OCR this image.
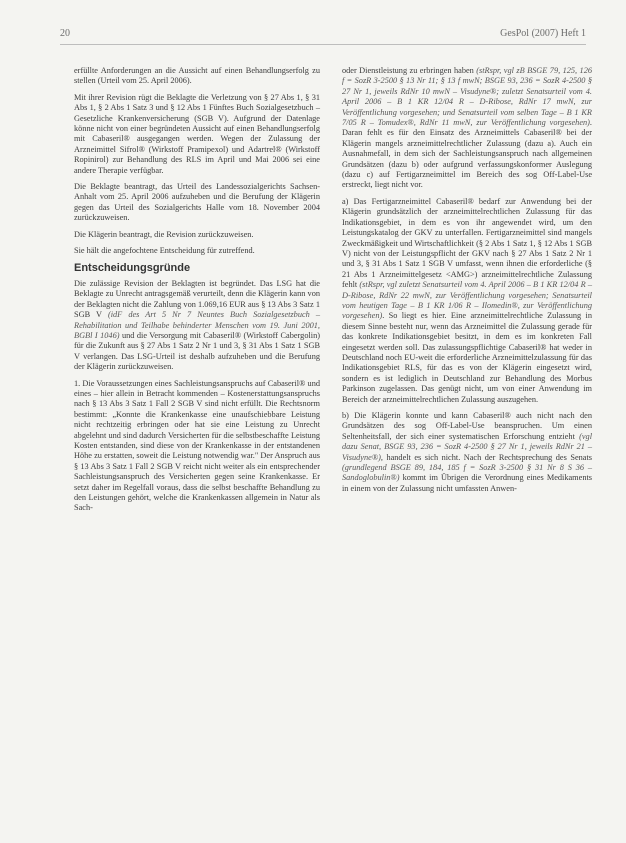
20	GesPol (2007) Heft 1

erfüllte Anforderungen an die Aussicht auf einen Behandlungserfolg zu stellen (Urteil vom 25. April 2006).

Mit ihrer Revision rügt die Beklagte die Verletzung von § 27 Abs 1, § 31 Abs 1, § 2 Abs 1 Satz 3 und § 12 Abs 1 Fünftes Buch Sozialgesetzbuch – Gesetzliche Krankenversicherung (SGB V). Aufgrund der Datenlage könne nicht von einer begründeten Aussicht auf einen Behandlungserfolg mit Cabaseril® ausgegangen werden. Wegen der Zulassung der Arzneimittel Sifrol® (Wirkstoff Pramipexol) und Adartrel® (Wirkstoff Ropinirol) zur Behandlung des RLS im April und Mai 2006 sei eine andere Therapie verfügbar.

Die Beklagte beantragt, das Urteil des Landessozialgerichts Sachsen-Anhalt vom 25. April 2006 aufzuheben und die Berufung der Klägerin gegen das Urteil des Sozialgerichts Halle vom 18. November 2004 zurückzuweisen.

Die Klägerin beantragt, die Revision zurückzuweisen.

Sie hält die angefochtene Entscheidung für zutreffend.

Entscheidungsgründe

Die zulässige Revision der Beklagten ist begründet. Das LSG hat die Beklagte zu Unrecht antragsgemäß verurteilt, denn die Klägerin kann von der Beklagten nicht die Zahlung von 1.069,16 EUR aus § 13 Abs 3 Satz 1 SGB V (idF des Art 5 Nr 7 Neuntes Buch Sozialgesetzbuch – Rehabilitation und Teilhabe behinderter Menschen vom 19. Juni 2001, BGBl I 1046) und die Versorgung mit Cabaseril® (Wirkstoff Cabergolin) für die Zukunft aus § 27 Abs 1 Satz 2 Nr 1 und 3, § 31 Abs 1 Satz 1 SGB V verlangen. Das LSG-Urteil ist deshalb aufzuheben und die Berufung der Klägerin zurückzuweisen.

1. Die Voraussetzungen eines Sachleistungsanspruchs auf Cabaseril® und eines – hier allein in Betracht kommenden – Kostenerstattungsanspruchs nach § 13 Abs 3 Satz 1 Fall 2 SGB V sind nicht erfüllt. Die Rechtsnorm bestimmt: „Konnte die Krankenkasse eine unaufschiebbare Leistung nicht rechtzeitig erbringen oder hat sie eine Leistung zu Unrecht abgelehnt und sind dadurch Versicherten für die selbstbeschaffte Leistung Kosten entstanden, sind diese von der Krankenkasse in der entstandenen Höhe zu erstatten, soweit die Leistung notwendig war." Der Anspruch aus § 13 Abs 3 Satz 1 Fall 2 SGB V reicht nicht weiter als ein entsprechender Sachleistungsanspruch des Versicherten gegen seine Krankenkasse. Er setzt daher im Regelfall voraus, dass die selbst beschaffte Behandlung zu den Leistungen gehört, welche die Krankenkassen allgemein in Natur als Sach-

oder Dienstleistung zu erbringen haben (stRspr, vgl zB BSGE 79, 125, 126 f = SozR 3-2500 § 13 Nr 11; § 13 f mwN; BSGE 93, 236 = SozR 4-2500 § 27 Nr 1, jeweils RdNr 10 mwN – Visudyne®; zuletzt Senatsurteil vom 4. April 2006 – B 1 KR 12/04 R – D-Ribose, RdNr 17 mwN, zur Veröffentlichung vorgesehen; und Senatsurteil vom selben Tage – B 1 KR 7/05 R – Tomudex®, RdNr 11 mwN, zur Veröffentlichung vorgesehen). Daran fehlt es für den Einsatz des Arzneimittels Cabaseril® bei der Klägerin mangels arzneimittelrechtlicher Zulassung (dazu a). Auch ein Ausnahmefall, in dem sich der Sachleistungsanspruch nach allgemeinen Grundsätzen (dazu b) oder aufgrund verfassungskonformer Auslegung (dazu c) auf Fertigarzneimittel im Bereich des sog Off-Label-Use erstreckt, liegt nicht vor.

a) Das Fertigarzneimittel Cabaseril® bedarf zur Anwendung bei der Klägerin grundsätzlich der arzneimittelrechtlichen Zulassung für das Indikationsgebiet, in dem es von ihr angewendet wird, um den Leistungskatalog der GKV zu unterfallen. Fertigarzneimittel sind mangels Zweckmäßigkeit und Wirtschaftlichkeit (§ 2 Abs 1 Satz 1, § 12 Abs 1 SGB V) nicht von der Leistungspflicht der GKV nach § 27 Abs 1 Satz 2 Nr 1 und 3, § 31 Abs 1 Satz 1 SGB V umfasst, wenn ihnen die erforderliche (§ 21 Abs 1 Arzneimittelgesetz <AMG>) arzneimittelrechtliche Zulassung fehlt (stRspr, vgl zuletzt Senatsurteil vom 4. April 2006 – B 1 KR 12/04 R – D-Ribose, RdNr 22 mwN, zur Veröffentlichung vorgesehen; Senatsurteil vom heutigen Tage – B 1 KR 1/06 R – Ilomedin®, zur Veröffentlichung vorgesehen). So liegt es hier. Eine arzneimittelrechtliche Zulassung in diesem Sinne besteht nur, wenn das Arzneimittel die Zulassung gerade für das konkrete Indikationsgebiet besitzt, in dem es im konkreten Fall eingesetzt werden soll. Das zulassungspflichtige Cabaseril® hat weder in Deutschland noch EU-weit die erforderliche Arzneimittelzulassung für das Indikationsgebiet RLS, für das es von der Klägerin eingesetzt wird, sondern es ist lediglich in Deutschland zur Behandlung des Morbus Parkinson zugelassen. Das genügt nicht, um von einer Anwendung im Bereich der arzneimittelrechtlichen Zulassung auszugehen.

b) Die Klägerin konnte und kann Cabaseril® auch nicht nach den Grundsätzen des sog Off-Label-Use beanspruchen. Um einen Seltenheitsfall, der sich einer systematischen Erforschung entzieht (vgl dazu Senat, BSGE 93, 236 = SozR 4-2500 § 27 Nr 1, jeweils RdNr 21 – Visudyne®), handelt es sich nicht. Nach der Rechtsprechung des Senats (grundlegend BSGE 89, 184, 185 f = SozR 3-2500 § 31 Nr 8 S 36 – Sandoglobulin®) kommt im Übrigen die Verordnung eines Medikaments in einem von der Zulassung nicht umfassten Anwen-
